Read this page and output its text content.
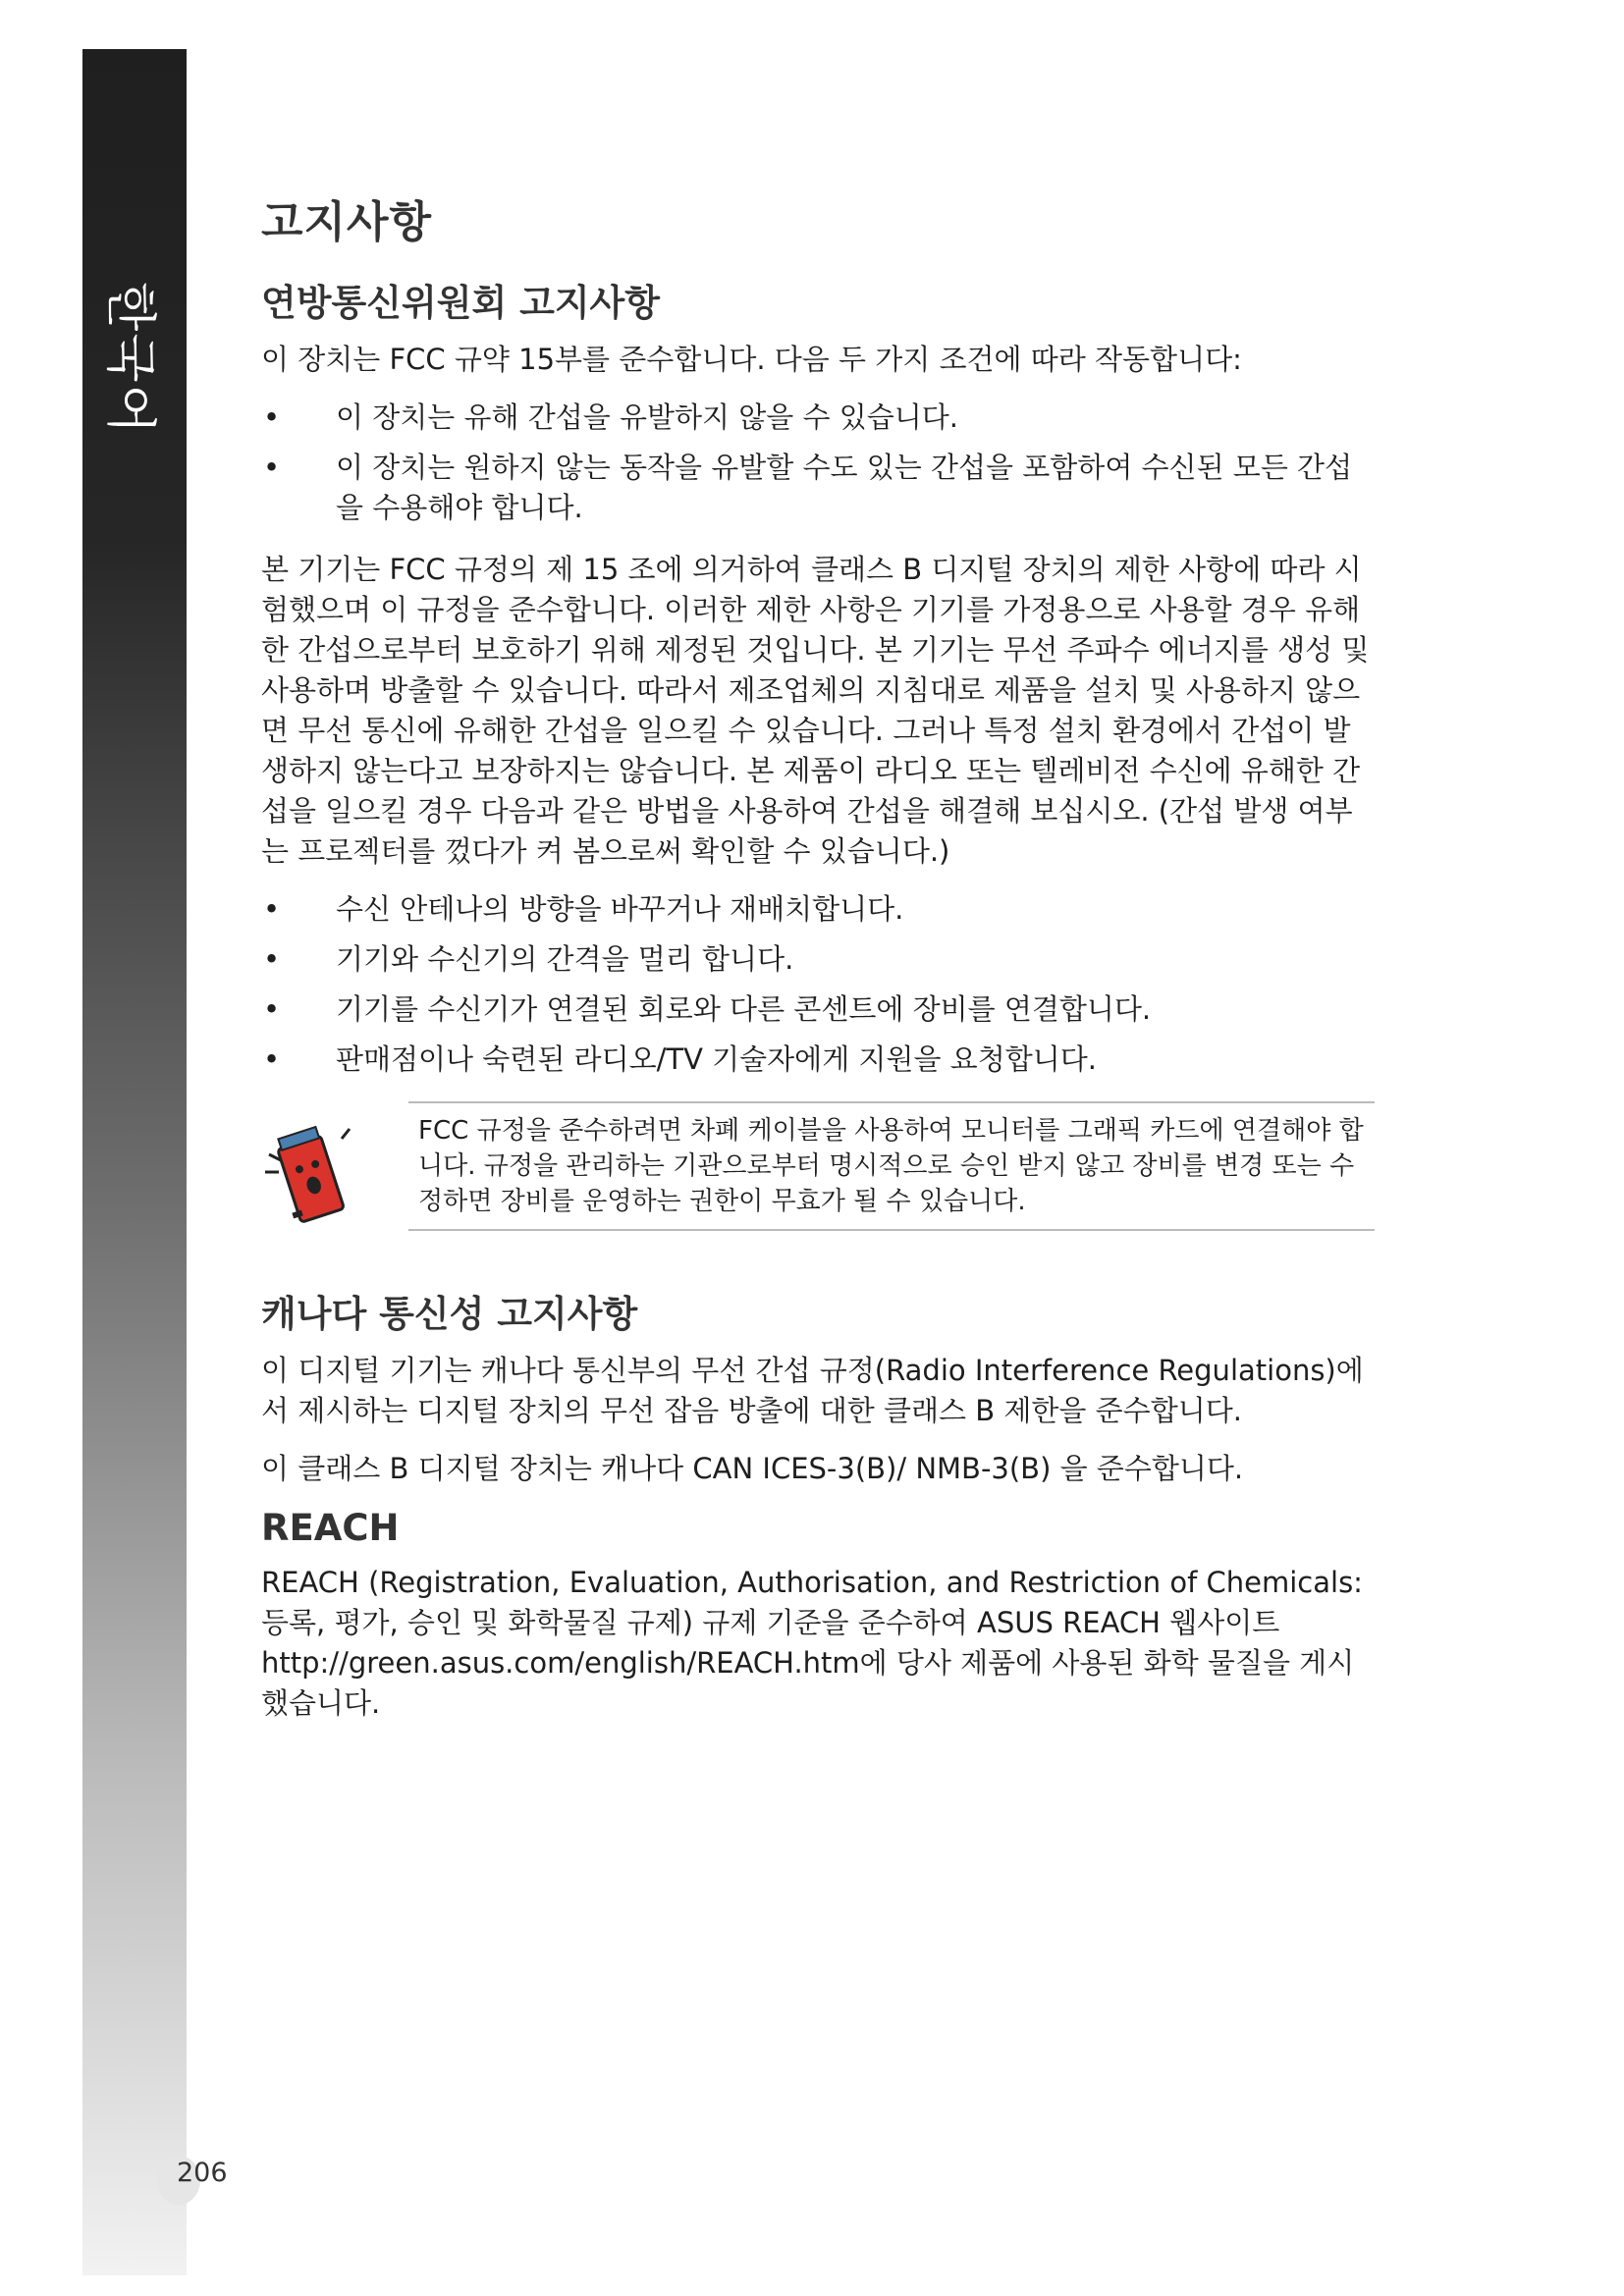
한국어
206
고지사항
연방통신위원회 고지사항

이 장치는 FCC 규약 15부를 준수합니다. 다음 두 가지 조건에 따라 작동합니다:

• 이 장치는 유해 간섭을 유발하지 않을 수 있습니다.
• 이 장치는 원하지 않는 동작을 유발할 수도 있는 간섭을 포함하여 수신된 모든 간섭을 수용해야 합니다.

본 기기는 FCC 규정의 제 15 조에 의거하여 클래스 B 디지털 장치의 제한 사항에 따라 시험했으며 이 규정을 준수합니다. 이러한 제한 사항은 기기를 가정용으로 사용할 경우 유해한 간섭으로부터 보호하기 위해 제정된 것입니다. 본 기기는 무선 주파수 에너지를 생성 및 사용하며 방출할 수 있습니다. 따라서 제조업체의 지침대로 제품을 설치 및 사용하지 않으면 무선 통신에 유해한 간섭을 일으킬 수 있습니다. 그러나 특정 설치 환경에서 간섭이 발생하지 않는다고 보장하지는 않습니다. 본 제품이 라디오 또는 텔레비전 수신에 유해한 간섭을 일으킬 경우 다음과 같은 방법을 사용하여 간섭을 해결해 보십시오. (간섭 발생 여부는 프로젝터를 껐다가 켜 봄으로써 확인할 수 있습니다.)

• 수신 안테나의 방향을 바꾸거나 재배치합니다.
• 기기와 수신기의 간격을 멀리 합니다.
• 기기를 수신기가 연결된 회로와 다른 콘센트에 장비를 연결합니다.
• 판매점이나 숙련된 라디오/TV 기술자에게 지원을 요청합니다.

FCC 규정을 준수하려면 차폐 케이블을 사용하여 모니터를 그래픽 카드에 연결해야 합니다. 규정을 관리하는 기관으로부터 명시적으로 승인 받지 않고 장비를 변경 또는 수정하면 장비를 운영하는 권한이 무효가 될 수 있습니다.

캐나다 통신성 고지사항

이 디지털 기기는 캐나다 통신부의 무선 간섭 규정(Radio Interference Regulations)에서 제시하는 디지털 장치의 무선 잡음 방출에 대한 클래스 B 제한을 준수합니다.

이 클래스 B 디지털 장치는 캐나다 CAN ICES-3(B)/ NMB-3(B) 을 준수합니다.

REACH

REACH (Registration, Evaluation, Authorisation, and Restriction of Chemicals: 등록, 평가, 승인 및 화학물질 규제) 규제 기준을 준수하여 ASUS REACH 웹사이트 http://green.asus.com/english/REACH.htm에 당사 제품에 사용된 화학 물질을 게시했습니다.
